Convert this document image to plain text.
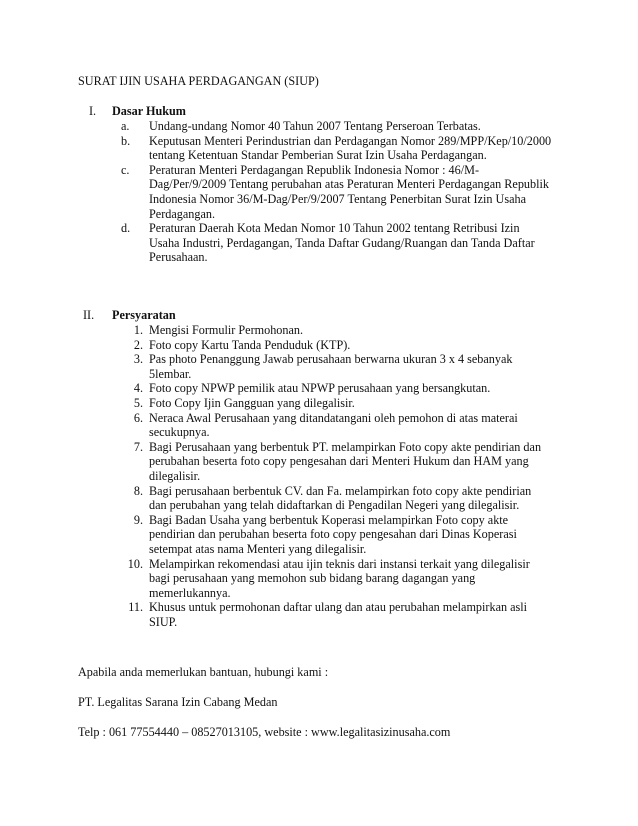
SURAT IJIN USAHA PERDAGANGAN (SIUP)
I. Dasar Hukum
a. Undang-undang Nomor 40 Tahun 2007 Tentang Perseroan Terbatas.
b. Keputusan Menteri Perindustrian dan Perdagangan Nomor 289/MPP/Kep/10/2000
tentang Ketentuan Standar Pemberian Surat Izin Usaha Perdagangan.
c. Peraturan Menteri Perdagangan Republik Indonesia Nomor : 46/M-
Dag/Per/9/2009 Tentang perubahan atas Peraturan Menteri Perdagangan Republik
Indonesia Nomor 36/M-Dag/Per/9/2007 Tentang Penerbitan Surat Izin Usaha
Perdagangan.
d. Peraturan Daerah Kota Medan Nomor 10 Tahun 2002 tentang Retribusi Izin
Usaha Industri, Perdagangan, Tanda Daftar Gudang/Ruangan dan Tanda Daftar
Perusahaan.
II. Persyaratan
1. Mengisi Formulir Permohonan.
2. Foto copy Kartu Tanda Penduduk (KTP).
3. Pas photo Penanggung Jawab perusahaan berwarna ukuran 3 x 4 sebanyak
5lembar.
4. Foto copy NPWP pemilik atau NPWP perusahaan yang bersangkutan.
5. Foto Copy Ijin Gangguan yang dilegalisir.
6. Neraca Awal Perusahaan yang ditandatangani oleh pemohon di atas materai
secukupnya.
7. Bagi Perusahaan yang berbentuk PT. melampirkan Foto copy akte pendirian dan
perubahan beserta foto copy pengesahan dari Menteri Hukum dan HAM yang
dilegalisir.
8. Bagi perusahaan berbentuk CV. dan Fa. melampirkan foto copy akte pendirian
dan perubahan yang telah didaftarkan di Pengadilan Negeri yang dilegalisir.
9. Bagi Badan Usaha yang berbentuk Koperasi melampirkan Foto copy akte
pendirian dan perubahan beserta foto copy pengesahan dari Dinas Koperasi
setempat atas nama Menteri yang dilegalisir.
10. Melampirkan rekomendasi atau ijin teknis dari instansi terkait yang dilegalisir
bagi perusahaan yang memohon sub bidang barang dagangan yang
memerlukannya.
11. Khusus untuk permohonan daftar ulang dan atau perubahan melampirkan asli
SIUP.
Apabila anda memerlukan bantuan, hubungi kami :
PT. Legalitas Sarana Izin Cabang Medan
Telp : 061 77554440 – 08527013105, website : www.legalitasizinusaha.com
